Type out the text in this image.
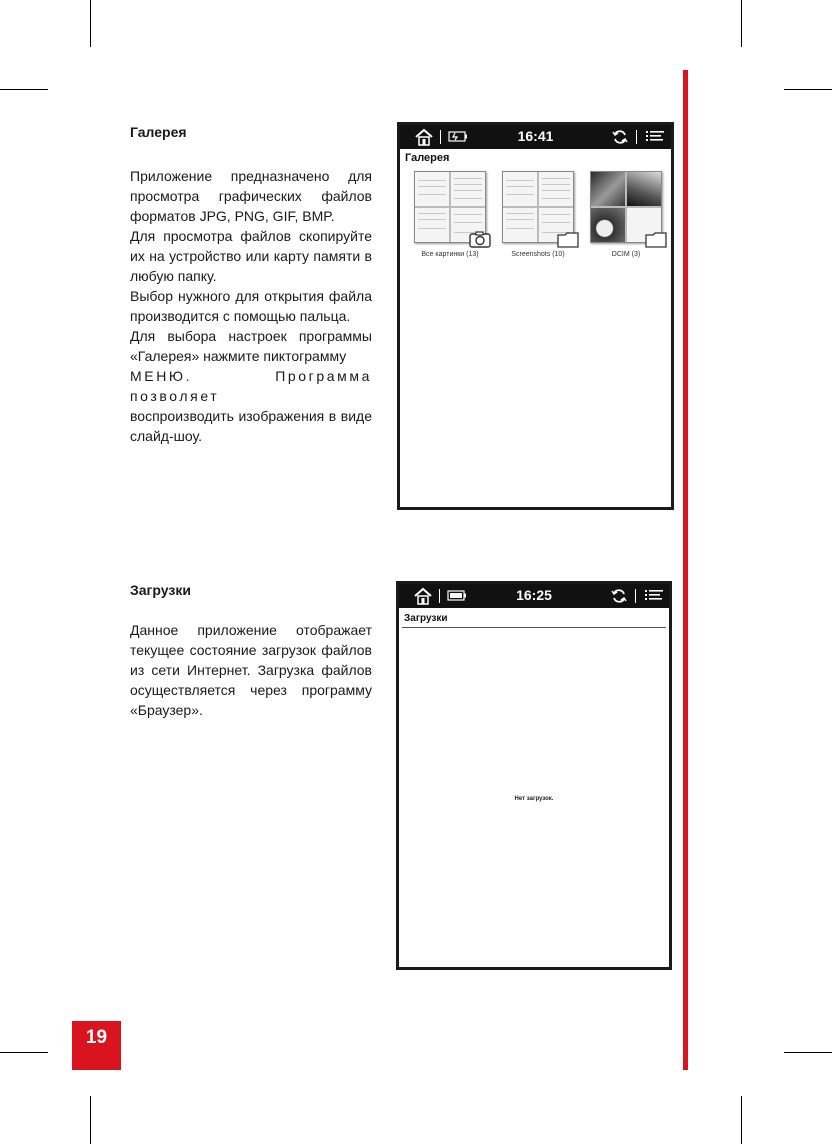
19
Галерея

Приложение предназначено для просмотра графических файлов форматов JPG, PNG, GIF, BMP.

Для просмотра файлов скопируйте их на устройство или карту памяти в любую папку.

Выбор нужного для открытия файла производится с помощью пальца.

Для выбора настроек программы «Галерея» нажмите пиктограмму

МЕНЮ. Программа позволяет

воспроизводить изображения в виде слайд-шоу.

Загрузки

Данное приложение отображает текущее состояние загрузок файлов из сети Интернет. Загрузка файлов осуществляется через программу «Браузер».

16:41
Галерея
Все картинки (13)	Screenshots (10)	DCIM (3)
16:25
Загрузки
Нет загрузок.
